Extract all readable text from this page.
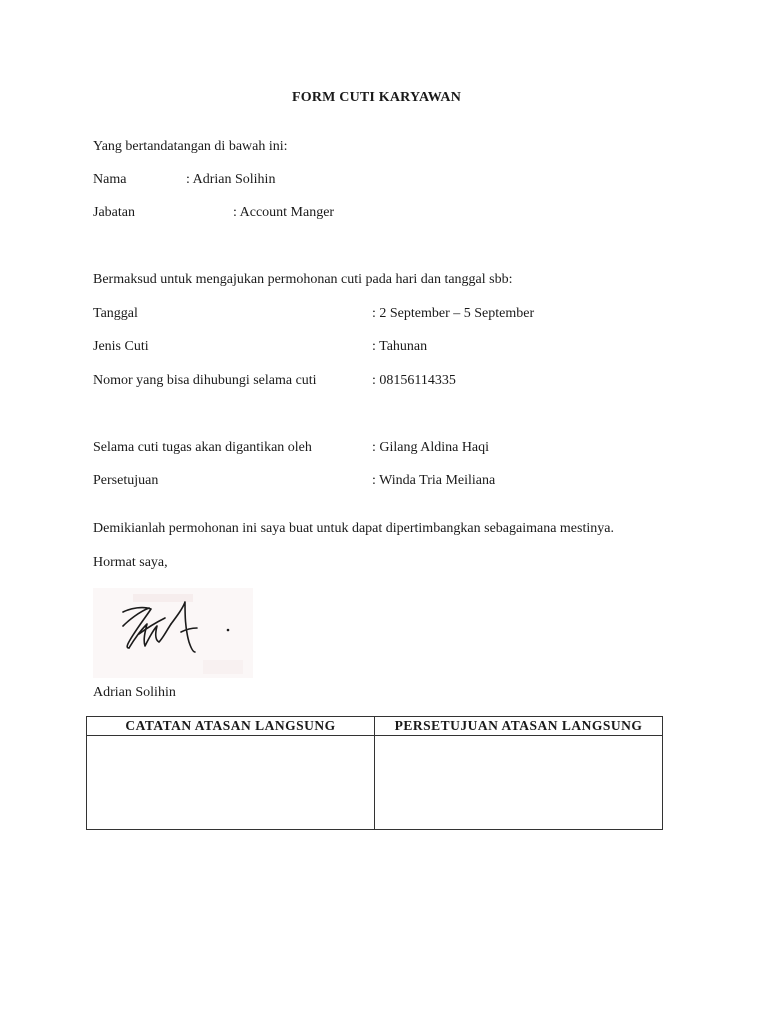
FORM CUTI KARYAWAN
Yang bertandatangan di bawah ini:
Nama	: Adrian Solihin
Jabatan	: Account Manger
Bermaksud untuk mengajukan permohonan cuti pada hari dan tanggal sbb:
Tanggal	: 2 September – 5 September
Jenis Cuti	: Tahunan
Nomor yang bisa dihubungi selama cuti	: 08156114335
Selama cuti tugas akan digantikan oleh	: Gilang Aldina Haqi
Persetujuan	: Winda Tria Meiliana
Demikianlah permohonan ini saya buat untuk dapat dipertimbangkan sebagaimana mestinya.
Hormat saya,
Adrian Solihin
CATATAN ATASAN LANGSUNG	PERSETUJUAN ATASAN LANGSUNG
